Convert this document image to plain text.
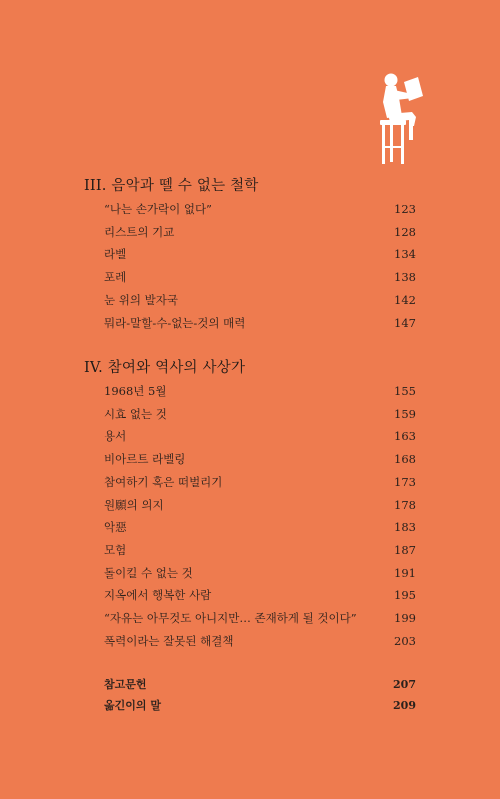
III. 음악과 뗄 수 없는 철학
“나는 손가락이 없다”	123
리스트의 기교	128
라벨	134
포레	138
눈 위의 발자국	142
뭐라-말할-수-없는-것의 매력	147
IV. 참여와 역사의 사상가
1968년 5월	155
시효 없는 것	159
용서	163
비아르트 라벨링	168
참여하기 혹은 떠벌리기	173
원願의 의지	178
악惡	183
모험	187
돌이킬 수 없는 것	191
지옥에서 행복한 사람	195
“자유는 아무것도 아니지만… 존재하게 될 것이다”	199
폭력이라는 잘못된 해결책	203
참고문헌	207
옮긴이의 말	209
